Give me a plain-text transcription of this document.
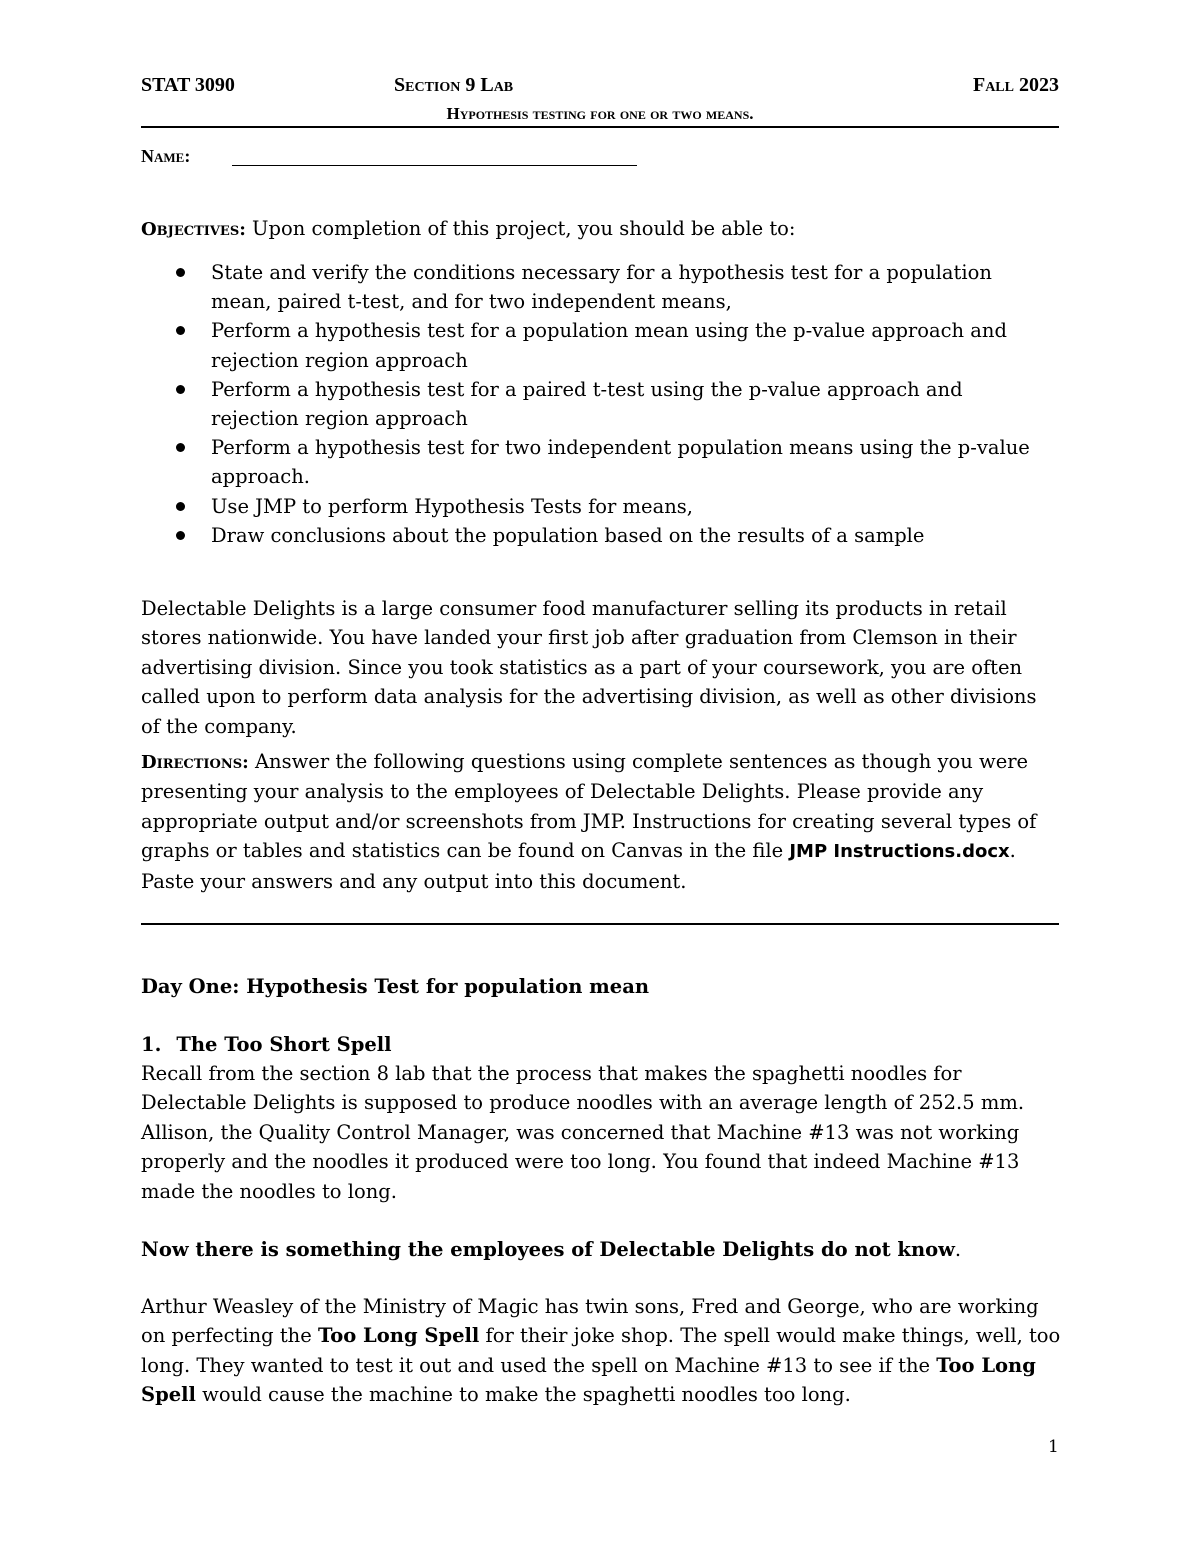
STAT 3090	Section 9 Lab	Fall 2023
Hypothesis testing for one or two means.
Name:
Objectives: Upon completion of this project, you should be able to:
State and verify the conditions necessary for a hypothesis test for a population mean, paired t-test, and for two independent means,
Perform a hypothesis test for a population mean using the p-value approach and rejection region approach
Perform a hypothesis test for a paired t-test using the p-value approach and rejection region approach
Perform a hypothesis test for two independent population means using the p-value approach.
Use JMP to perform Hypothesis Tests for means,
Draw conclusions about the population based on the results of a sample
Delectable Delights is a large consumer food manufacturer selling its products in retail stores nationwide. You have landed your first job after graduation from Clemson in their advertising division. Since you took statistics as a part of your coursework, you are often called upon to perform data analysis for the advertising division, as well as other divisions of the company.
Directions: Answer the following questions using complete sentences as though you were presenting your analysis to the employees of Delectable Delights. Please provide any appropriate output and/or screenshots from JMP. Instructions for creating several types of graphs or tables and statistics can be found on Canvas in the file JMP Instructions.docx. Paste your answers and any output into this document.
Day One: Hypothesis Test for population mean
1. The Too Short Spell
Recall from the section 8 lab that the process that makes the spaghetti noodles for Delectable Delights is supposed to produce noodles with an average length of 252.5 mm. Allison, the Quality Control Manager, was concerned that Machine #13 was not working properly and the noodles it produced were too long. You found that indeed Machine #13 made the noodles to long.
Now there is something the employees of Delectable Delights do not know.
Arthur Weasley of the Ministry of Magic has twin sons, Fred and George, who are working on perfecting the Too Long Spell for their joke shop. The spell would make things, well, too long. They wanted to test it out and used the spell on Machine #13 to see if the Too Long Spell would cause the machine to make the spaghetti noodles too long.
1
